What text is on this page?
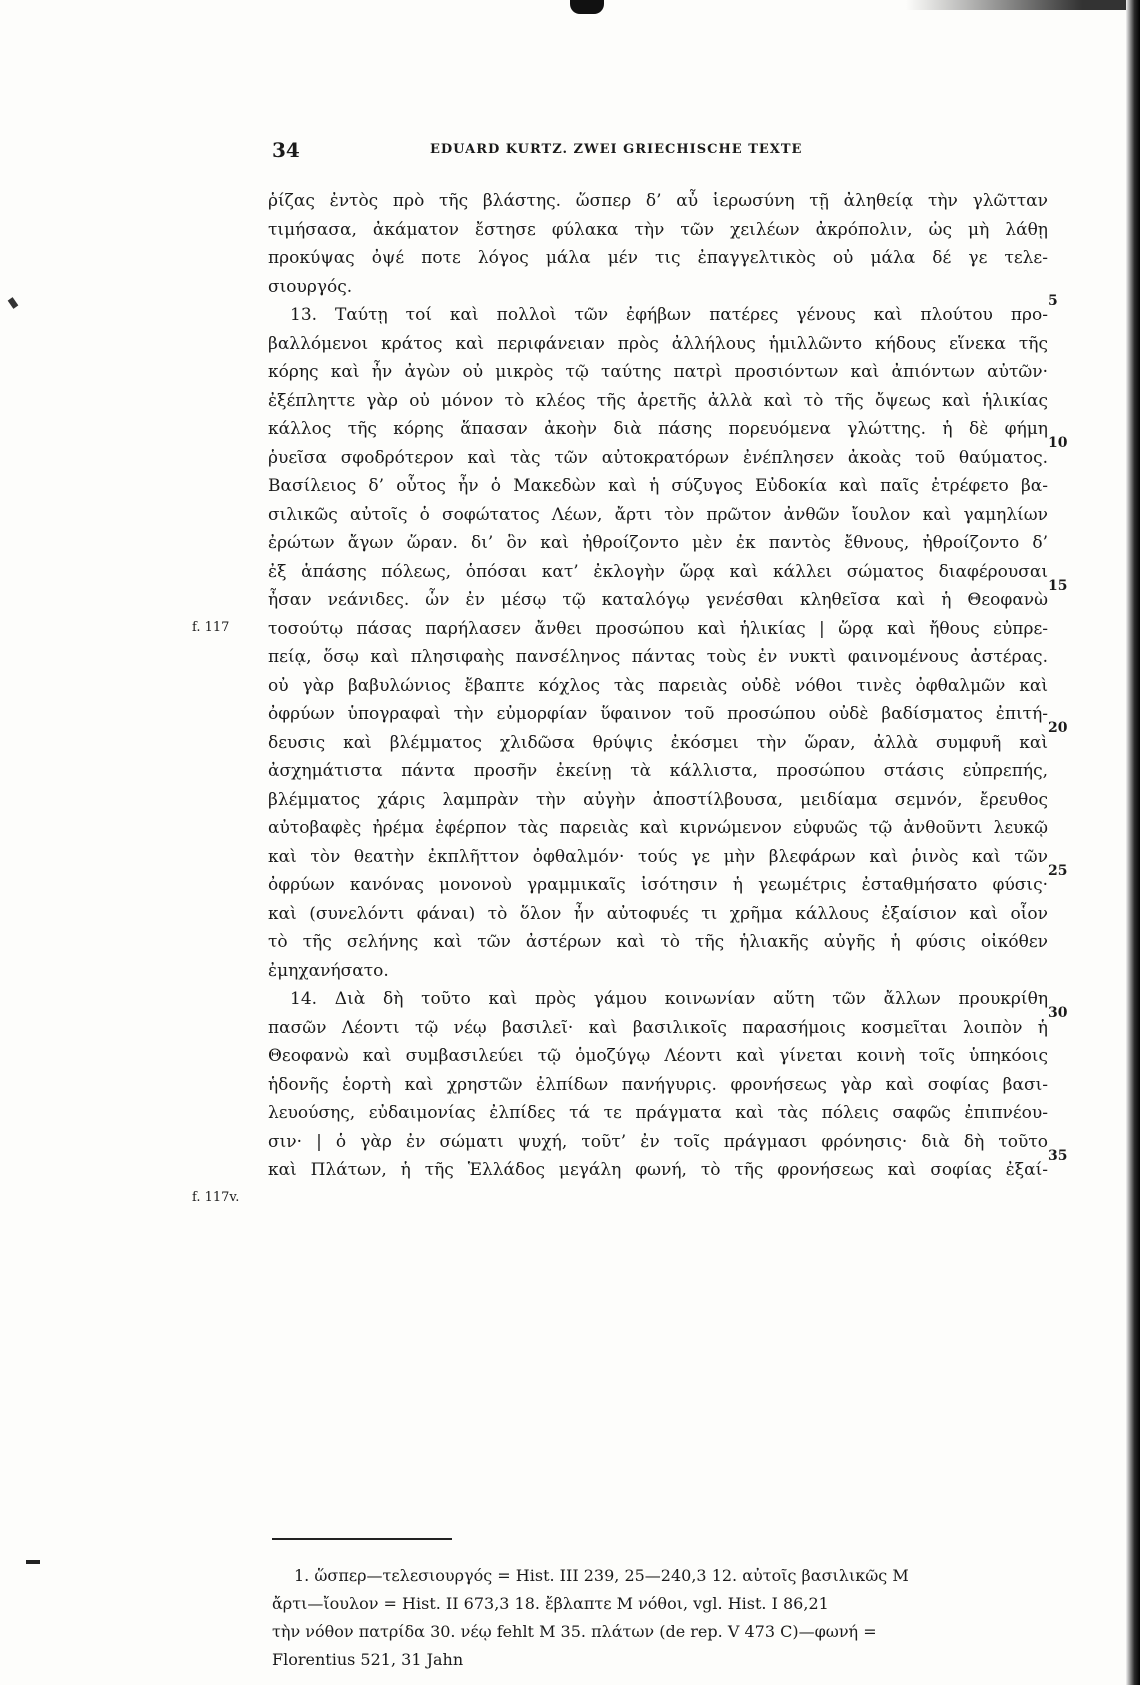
34	EDUARD KURTZ. ZWEI GRIECHISCHE TEXTE
ῥίζας ἐντὸς πρὸ τῆς βλάστης. ὥσπερ δ’ αὖ ἱερωσύνη τῇ ἀληθείᾳ τὴν γλῶτταν
τιμήσασα, ἀκάματον ἔστησε φύλακα τὴν τῶν χειλέων ἀκρόπολιν, ὡς μὴ λάθῃ
προκύψας ὀψέ ποτε λόγος μάλα μέν τις ἐπαγγελτικὸς οὐ μάλα δέ γε τελε-
σιουργός.
13. Ταύτῃ τοί καὶ πολλοὶ τῶν ἐφήβων πατέρες γένους καὶ πλούτου προ-
βαλλόμενοι κράτος καὶ περιφάνειαν πρὸς ἀλλήλους ἡμιλλῶντο κήδους εἵνεκα τῆς
κόρης καὶ ἦν ἀγὼν οὐ μικρὸς τῷ ταύτης πατρὶ προσιόντων καὶ ἀπιόντων αὐτῶν·
ἐξέπληττε γὰρ οὐ μόνον τὸ κλέος τῆς ἀρετῆς ἀλλὰ καὶ τὸ τῆς ὄψεως καὶ ἡλικίας
κάλλος τῆς κόρης ἅπασαν ἀκοὴν διὰ πάσης πορευόμενα γλώττης. ἡ δὲ φήμη
ῥυεῖσα σφοδρότερον καὶ τὰς τῶν αὐτοκρατόρων ἐνέπλησεν ἀκοὰς τοῦ θαύματος.
Βασίλειος δ’ οὗτος ἦν ὁ Μακεδὼν καὶ ἡ σύζυγος Εὐδοκία καὶ παῖς ἐτρέφετο βα-
σιλικῶς αὐτοῖς ὁ σοφώτατος Λέων, ἄρτι τὸν πρῶτον ἀνθῶν ἴουλον καὶ γαμηλίων
ἐρώτων ἄγων ὥραν. δι’ ὃν καὶ ἠθροίζοντο μὲν ἐκ παντὸς ἔθνους, ἠθροίζοντο δ’
ἐξ ἁπάσης πόλεως, ὁπόσαι κατ’ ἐκλογὴν ὥρᾳ καὶ κάλλει σώματος διαφέρουσαι
ἦσαν νεάνιδες. ὧν ἐν μέσῳ τῷ καταλόγῳ γενέσθαι κληθεῖσα καὶ ἡ Θεοφανὼ
τοσούτῳ πάσας παρήλασεν ἄνθει προσώπου καὶ ἡλικίας | ὥρᾳ καὶ ἤθους εὐπρε-
πείᾳ, ὅσῳ καὶ πλησιφαὴς πανσέληνος πάντας τοὺς ἐν νυκτὶ φαινομένους ἀστέρας.
οὐ γὰρ βαβυλώνιος ἔβαπτε κόχλος τὰς παρειὰς οὐδὲ νόθοι τινὲς ὀφθαλμῶν καὶ
ὀφρύων ὑπογραφαὶ τὴν εὐμορφίαν ὕφαινον τοῦ προσώπου οὐδὲ βαδίσματος ἐπιτή-
δευσις καὶ βλέμματος χλιδῶσα θρύψις ἐκόσμει τὴν ὥραν, ἀλλὰ συμφυῆ καὶ
ἀσχημάτιστα πάντα προσῆν ἐκείνῃ τὰ κάλλιστα, προσώπου στάσις εὐπρεπής,
βλέμματος χάρις λαμπρὰν τὴν αὐγὴν ἀποστίλβουσα, μειδίαμα σεμνόν, ἔρευθος
αὐτοβαφὲς ἠρέμα ἐφέρπον τὰς παρειὰς καὶ κιρνώμενον εὐφυῶς τῷ ἀνθοῦντι λευκῷ
καὶ τὸν θεατὴν ἐκπλῆττον ὀφθαλμόν· τούς γε μὴν βλεφάρων καὶ ῥινὸς καὶ τῶν
ὀφρύων κανόνας μονονοὺ γραμμικαῖς ἰσότησιν ἡ γεωμέτρις ἐσταθμήσατο φύσις·
καὶ (συνελόντι φάναι) τὸ ὅλον ἦν αὐτοφυές τι χρῆμα κάλλους ἐξαίσιον καὶ οἷον
τὸ τῆς σελήνης καὶ τῶν ἀστέρων καὶ τὸ τῆς ἡλιακῆς αὐγῆς ἡ φύσις οἰκόθεν
ἐμηχανήσατο.
14. Διὰ δὴ τοῦτο καὶ πρὸς γάμου κοινωνίαν αὕτη τῶν ἄλλων προυκρίθη
πασῶν Λέοντι τῷ νέῳ βασιλεῖ· καὶ βασιλικοῖς παρασήμοις κοσμεῖται λοιπὸν ἡ
Θεοφανὼ καὶ συμβασιλεύει τῷ ὁμοζύγῳ Λέοντι καὶ γίνεται κοινὴ τοῖς ὑπηκόοις
ἡδονῆς ἑορτὴ καὶ χρηστῶν ἐλπίδων πανήγυρις. φρονήσεως γὰρ καὶ σοφίας βασι-
λευούσης, εὐδαιμονίας ἐλπίδες τά τε πράγματα καὶ τὰς πόλεις σαφῶς ἐπιπνέου-
σιν· | ὁ γὰρ ἐν σώματι ψυχή, τοῦτ’ ἐν τοῖς πράγμασι φρόνησις· διὰ δὴ τοῦτο
καὶ Πλάτων, ἡ τῆς Ἑλλάδος μεγάλη φωνή, τὸ τῆς φρονήσεως καὶ σοφίας ἐξαί-
5
10
15
20
25
30
35
f. 117
f. 117v.
1. ὥσπερ—τελεσιουργός = Hist. III 239, 25—240,3 12. αὐτοῖς βασιλικῶς M
ἄρτι—ἴουλον = Hist. II 673,3 18. ἔβλαπτε M νόθοι, vgl. Hist. I 86,21
τὴν νόθον πατρίδα 30. νέῳ fehlt M 35. πλάτων (de rep. V 473 C)—φωνή =
Florentius 521, 31 Jahn
